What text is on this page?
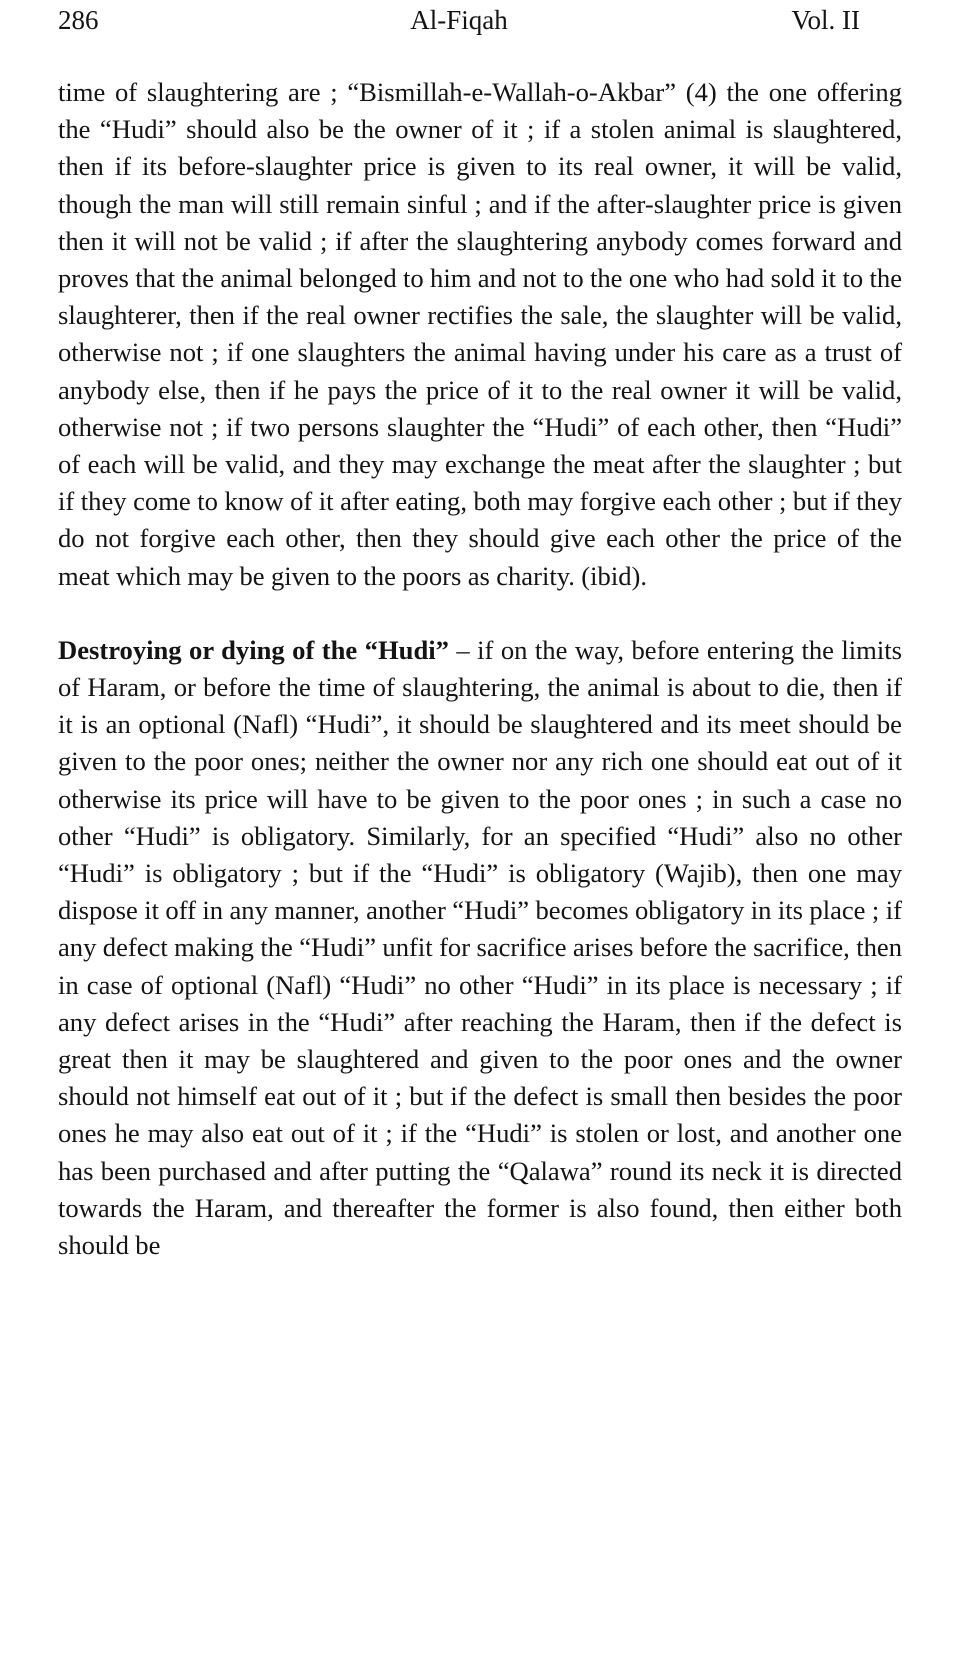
286	Al-Fiqah	Vol. II

time of slaughtering are ; “Bismillah-e-Wallah-o-Akbar” (4) the one offering the “Hudi” should also be the owner of it ; if a stolen animal is slaughtered, then if its before-slaughter price is given to its real owner, it will be valid, though the man will still remain sinful ; and if the after-slaughter price is given then it will not be valid ; if after the slaughtering anybody comes forward and proves that the animal belonged to him and not to the one who had sold it to the slaughterer, then if the real owner rectifies the sale, the slaughter will be valid, otherwise not ; if one slaughters the animal having under his care as a trust of anybody else, then if he pays the price of it to the real owner it will be valid, otherwise not ; if two persons slaughter the “Hudi” of each other, then “Hudi” of each will be valid, and they may exchange the meat after the slaughter ; but if they come to know of it after eating, both may forgive each other ; but if they do not forgive each other, then they should give each other the price of the meat which may be given to the poors as charity. (ibid).

Destroying or dying of the “Hudi” – if on the way, before entering the limits of Haram, or before the time of slaughtering, the animal is about to die, then if it is an optional (Nafl) “Hudi”, it should be slaughtered and its meet should be given to the poor ones; neither the owner nor any rich one should eat out of it otherwise its price will have to be given to the poor ones ; in such a case no other “Hudi” is obligatory. Similarly, for an specified “Hudi” also no other “Hudi” is obligatory ; but if the “Hudi” is obligatory (Wajib), then one may dispose it off in any manner, another “Hudi” becomes obligatory in its place ; if any defect making the “Hudi” unfit for sacrifice arises before the sacrifice, then in case of optional (Nafl) “Hudi” no other “Hudi” in its place is necessary ; if any defect arises in the “Hudi” after reaching the Haram, then if the defect is great then it may be slaughtered and given to the poor ones and the owner should not himself eat out of it ; but if the defect is small then besides the poor ones he may also eat out of it ; if the “Hudi” is stolen or lost, and another one has been purchased and after putting the “Qalawa” round its neck it is directed towards the Haram, and thereafter the former is also found, then either both should be
